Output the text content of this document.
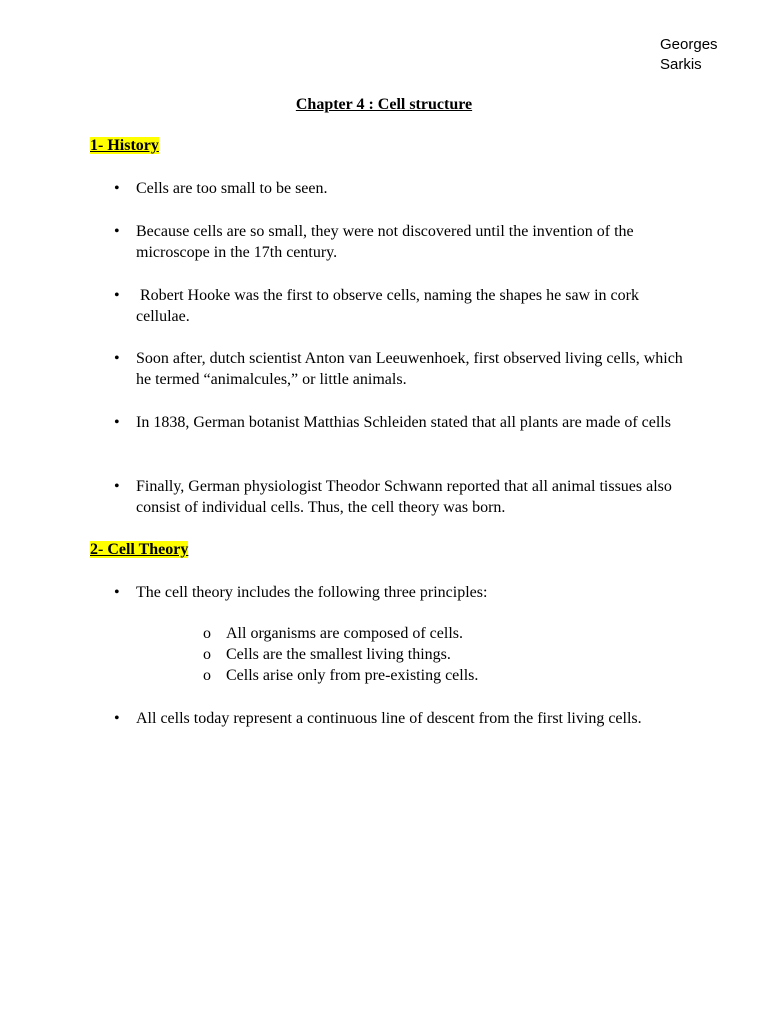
Georges
Sarkis
Chapter 4 : Cell structure
1- History
•	Cells are too small to be seen.
•	Because cells are so small, they were not discovered until the invention of the microscope in the 17th century.
•	Robert Hooke was the first to observe cells, naming the shapes he saw in cork cellulae.
•	Soon after, dutch scientist Anton van Leeuwenhoek, first observed living cells, which he termed “animalcules,” or little animals.
•	In 1838, German botanist Matthias Schleiden stated that all plants are made of cells
•	Finally, German physiologist Theodor Schwann reported that all animal tissues also consist of individual cells. Thus, the cell theory was born.
2- Cell Theory
•	The cell theory includes the following three principles:
o All organisms are composed of cells.
o Cells are the smallest living things.
o Cells arise only from pre-existing cells.
•	All cells today represent a continuous line of descent from the first living cells.
